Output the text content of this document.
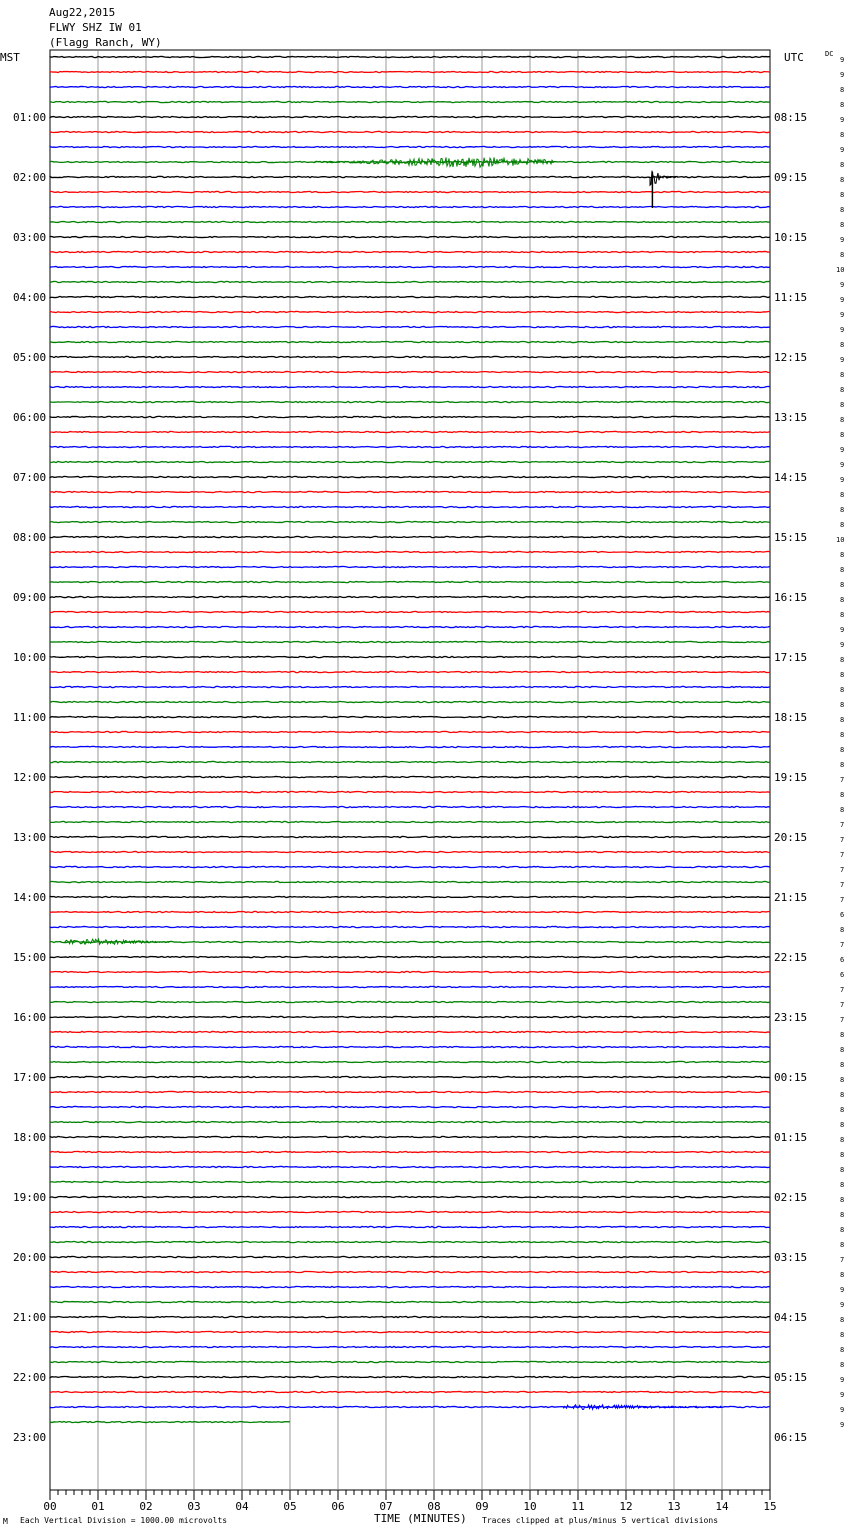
Aug22,2015
FLWY SHZ IW 01
(Flagg Ranch, WY)
MST	UTC	DC
01:00
02:00
03:00
04:00
05:00
06:00
07:00
08:00
09:00
10:00
11:00
12:00
13:00
14:00
15:00
16:00
17:00
18:00
19:00
20:00
21:00
22:00
23:00
08:15
09:15
10:15
11:15
12:15
13:15
14:15
15:15
16:15
17:15
18:15
19:15
20:15
21:15
22:15
23:15
00:15
01:15
02:15
03:15
04:15
05:15
06:15
9
9
8
8
9
8
9
8
8
8
8
8
9
8
10
9
9
9
9
8
9
8
8
8
8
8
9
9
9
8
8
8
10
8
8
8
8
8
9
9
8
8
8
8
8
8
8
8
7
8
8
7
7
7
7
7
7
6
8
7
6
6
7
7
7
8
8
8
8
8
8
8
8
8
8
8
8
8
8
8
7
8
9
9
8
8
8
8
9
9
9
9
00	01	02	03	04	05	06	07	08	09	10	11	12	13	14	15
M Each Vertical Division = 1000.00 microvolts	TIME (MINUTES) Traces clipped at plus/minus 5 vertical divisions
